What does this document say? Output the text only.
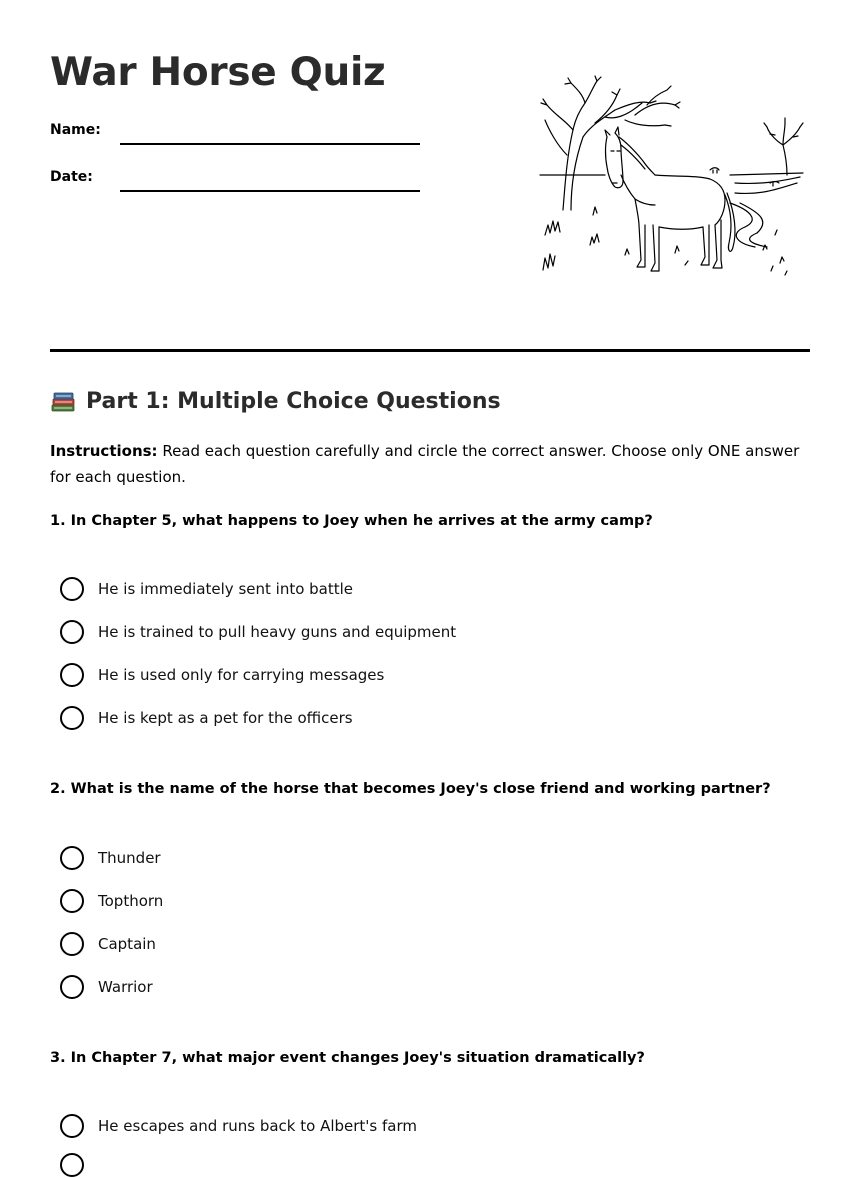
War Horse Quiz
Name:
Date:
Part 1: Multiple Choice Questions

Instructions: Read each question carefully and circle the correct answer. Choose only ONE answer for each question.

1. In Chapter 5, what happens to Joey when he arrives at the army camp?

He is immediately sent into battle
He is trained to pull heavy guns and equipment
He is used only for carrying messages
He is kept as a pet for the officers

2. What is the name of the horse that becomes Joey's close friend and working partner?

Thunder
Topthorn
Captain
Warrior

3. In Chapter 7, what major event changes Joey's situation dramatically?

He escapes and runs back to Albert's farm
